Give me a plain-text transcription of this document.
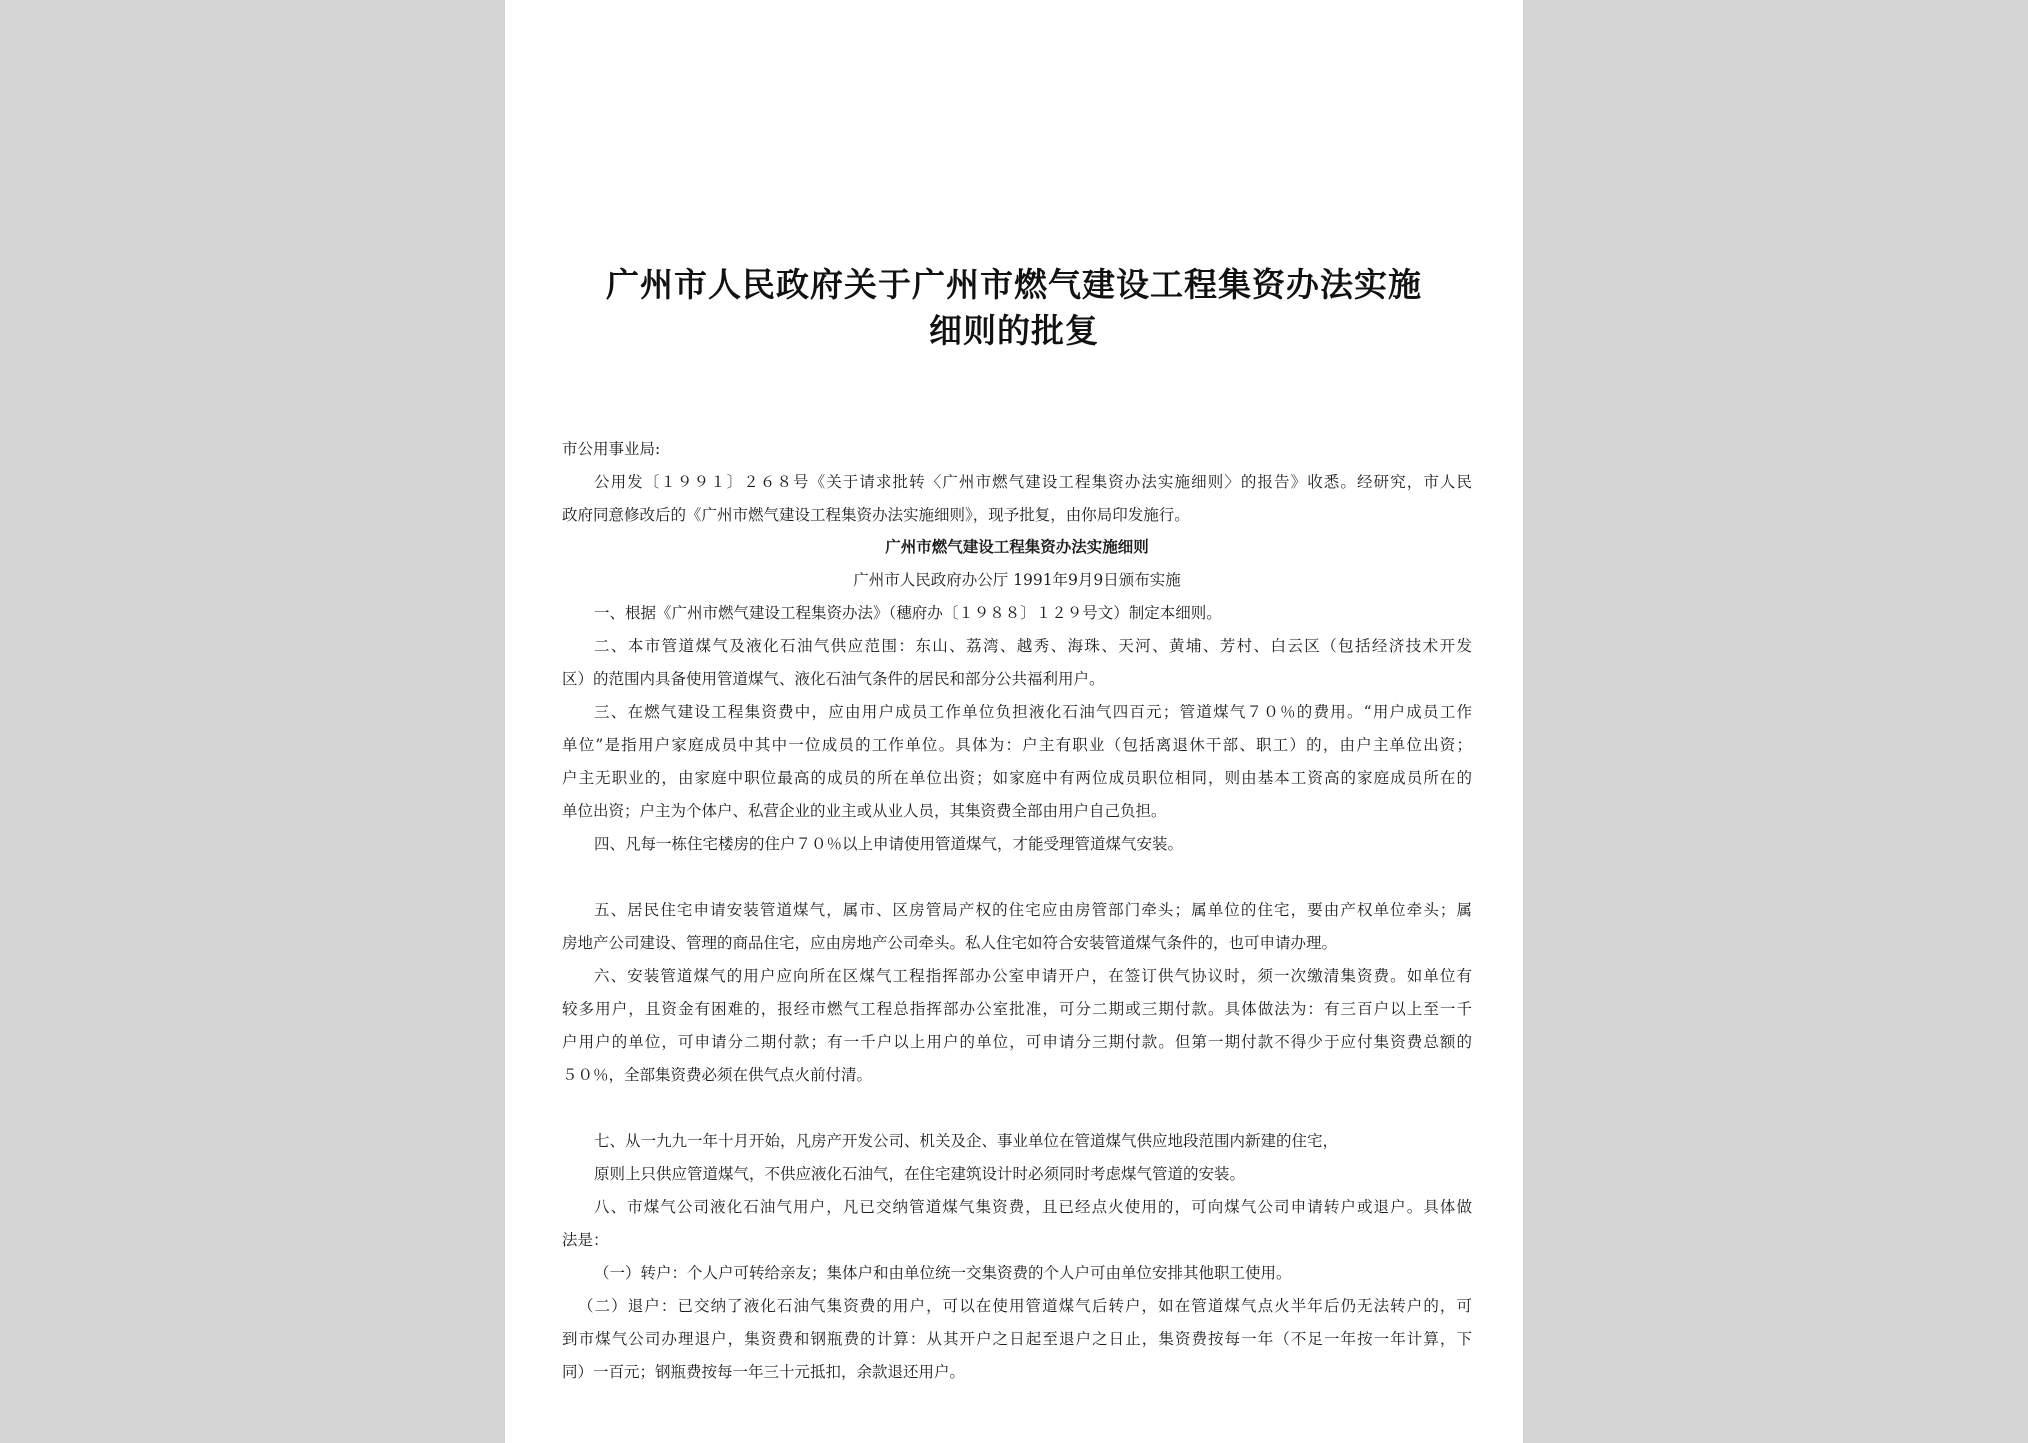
广州市人民政府关于广州市燃气建设工程集资办法实施
细则的批复
市公用事业局:
公用发〔１９９１〕２６８号《关于请求批转〈广州市燃气建设工程集资办法实施细则〉的报告》收悉。经研究，市人民
政府同意修改后的《广州市燃气建设工程集资办法实施细则》，现予批复，由你局印发施行。
广州市燃气建设工程集资办法实施细则
广州市人民政府办公厅 1991年9月9日颁布实施
一、根据《广州市燃气建设工程集资办法》（穗府办〔１９８８〕１２９号文）制定本细则。
二、本市管道煤气及液化石油气供应范围：东山、荔湾、越秀、海珠、天河、黄埔、芳村、白云区（包括经济技术开发
区）的范围内具备使用管道煤气、液化石油气条件的居民和部分公共福利用户。
三、在燃气建设工程集资费中，应由用户成员工作单位负担液化石油气四百元；管道煤气７０％的费用。“用户成员工作
单位”是指用户家庭成员中其中一位成员的工作单位。具体为：户主有职业（包括离退休干部、职工）的，由户主单位出资；
户主无职业的，由家庭中职位最高的成员的所在单位出资；如家庭中有两位成员职位相同，则由基本工资高的家庭成员所在的
单位出资；户主为个体户、私营企业的业主或从业人员，其集资费全部由用户自己负担。
四、凡每一栋住宅楼房的住户７０％以上申请使用管道煤气，才能受理管道煤气安装。
五、居民住宅申请安装管道煤气，属市、区房管局产权的住宅应由房管部门牵头；属单位的住宅，要由产权单位牵头；属
房地产公司建设、管理的商品住宅，应由房地产公司牵头。私人住宅如符合安装管道煤气条件的，也可申请办理。
六、安装管道煤气的用户应向所在区煤气工程指挥部办公室申请开户，在签订供气协议时，须一次缴清集资费。如单位有
较多用户，且资金有困难的，报经市燃气工程总指挥部办公室批准，可分二期或三期付款。具体做法为：有三百户以上至一千
户用户的单位，可申请分二期付款；有一千户以上用户的单位，可申请分三期付款。但第一期付款不得少于应付集资费总额的
５０％，全部集资费必须在供气点火前付清。
七、从一九九一年十月开始，凡房产开发公司、机关及企、事业单位在管道煤气供应地段范围内新建的住宅，
原则上只供应管道煤气，不供应液化石油气，在住宅建筑设计时必须同时考虑煤气管道的安装。
八、市煤气公司液化石油气用户，凡已交纳管道煤气集资费，且已经点火使用的，可向煤气公司申请转户或退户。具体做
法是：
（一）转户：个人户可转给亲友；集体户和由单位统一交集资费的个人户可由单位安排其他职工使用。
（二）退户：已交纳了液化石油气集资费的用户，可以在使用管道煤气后转户，如在管道煤气点火半年后仍无法转户的，可
到市煤气公司办理退户，集资费和钢瓶费的计算：从其开户之日起至退户之日止，集资费按每一年（不足一年按一年计算，下
同）一百元；钢瓶费按每一年三十元抵扣，余款退还用户。
